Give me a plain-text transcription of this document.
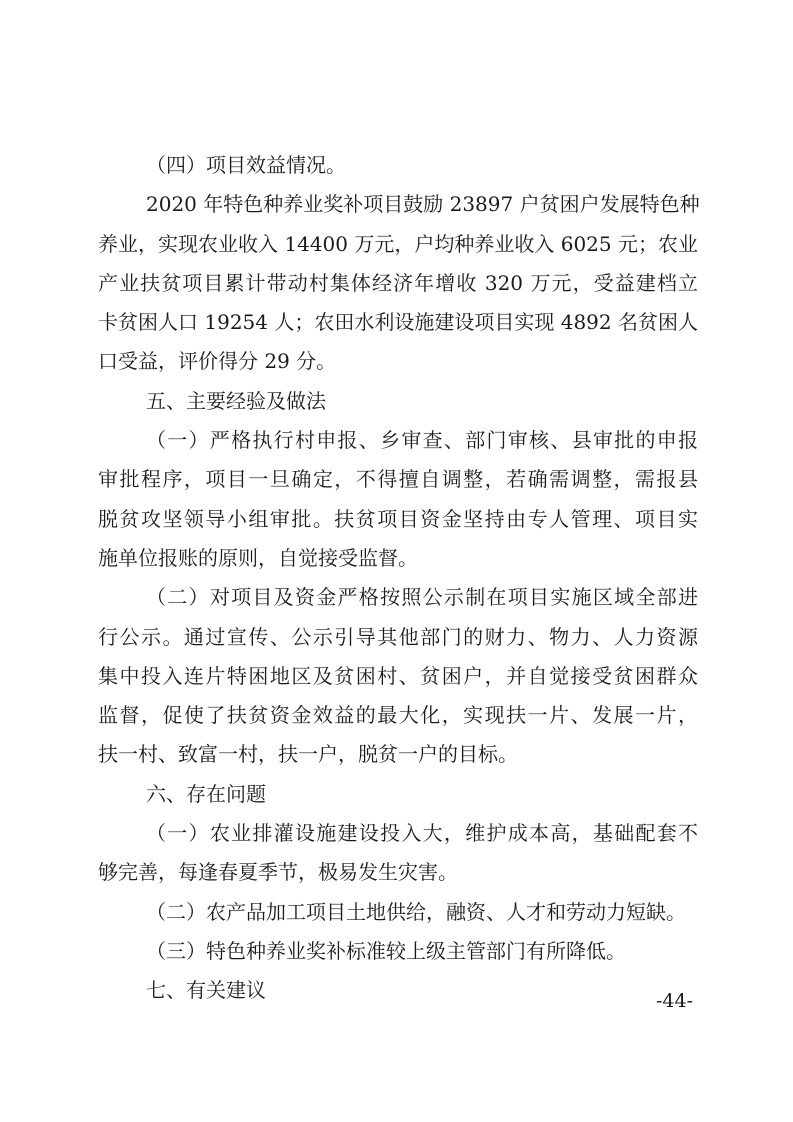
（四）项目效益情况。

2020 年特色种养业奖补项目鼓励 23897 户贫困户发展特色种
养业，实现农业收入 14400 万元，户均种养业收入 6025 元；农业
产业扶贫项目累计带动村集体经济年增收 320 万元，受益建档立
卡贫困人口 19254 人；农田水利设施建设项目实现 4892 名贫困人
口受益，评价得分 29 分。

五、主要经验及做法

（一）严格执行村申报、乡审查、部门审核、县审批的申报
审批程序，项目一旦确定，不得擅自调整，若确需调整，需报县
脱贫攻坚领导小组审批。扶贫项目资金坚持由专人管理、项目实
施单位报账的原则，自觉接受监督。

（二）对项目及资金严格按照公示制在项目实施区域全部进
行公示。通过宣传、公示引导其他部门的财力、物力、人力资源
集中投入连片特困地区及贫困村、贫困户，并自觉接受贫困群众
监督，促使了扶贫资金效益的最大化，实现扶一片、发展一片，
扶一村、致富一村，扶一户，脱贫一户的目标。

六、存在问题

（一）农业排灌设施建设投入大，维护成本高，基础配套不
够完善，每逢春夏季节，极易发生灾害。

（二）农产品加工项目土地供给，融资、人才和劳动力短缺。

（三）特色种养业奖补标准较上级主管部门有所降低。

七、有关建议	-44-
